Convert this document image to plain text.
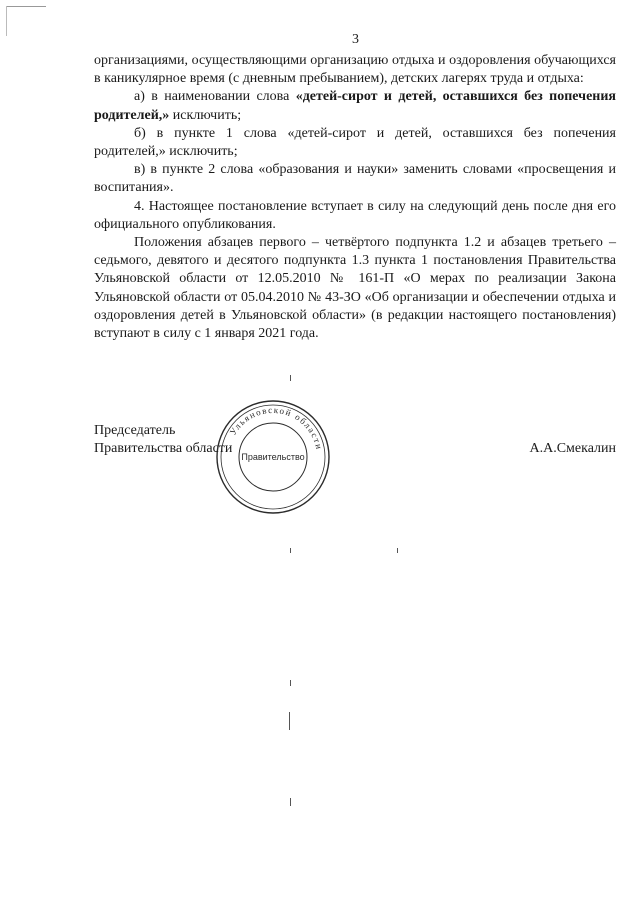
3

организациями, осуществляющими организацию отдыха и оздоровления обучающихся в каникулярное время (с дневным пребыванием), детских лагерях труда и отдыха:

а) в наименовании слова «детей-сирот и детей, оставшихся без попечения родителей,» исключить;

б) в пункте 1 слова «детей-сирот и детей, оставшихся без попечения родителей,» исключить;

в) в пункте 2 слова «образования и науки» заменить словами «просвещения и воспитания».

4. Настоящее постановление вступает в силу на следующий день после дня его официального опубликования.

Положения абзацев первого – четвёртого подпункта 1.2 и абзацев третьего – седьмого, девятого и десятого подпункта 1.3 пункта 1 постановления Правительства Ульяновской области от 12.05.2010 № 161-П «О мерах по реализации Закона Ульяновской области от 05.04.2010 № 43-ЗО «Об организации и обеспечении отдыха и оздоровления детей в Ульяновской области» (в редакции настоящего постановления) вступают в силу с 1 января 2021 года.

Ульяновской области
Правительство
Председатель
Правительства области	А.А.Смекалин
